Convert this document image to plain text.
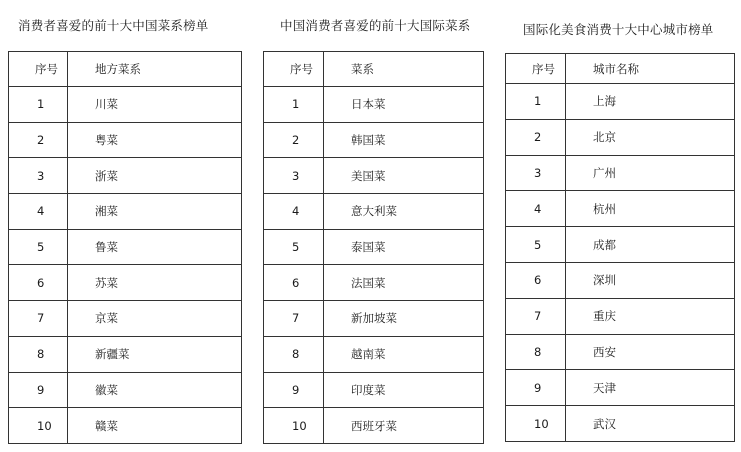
消费者喜爱的前十大中国菜系榜单
序号	地方菜系
1	川菜
2	粤菜
3	浙菜
4	湘菜
5	鲁菜
6	苏菜
7	京菜
8	新疆菜
9	徽菜
10	赣菜
中国消费者喜爱的前十大国际菜系
序号	菜系
1	日本菜
2	韩国菜
3	美国菜
4	意大利菜
5	泰国菜
6	法国菜
7	新加坡菜
8	越南菜
9	印度菜
10	西班牙菜
国际化美食消费十大中心城市榜单
序号	城市名称
1	上海
2	北京
3	广州
4	杭州
5	成都
6	深圳
7	重庆
8	西安
9	天津
10	武汉
